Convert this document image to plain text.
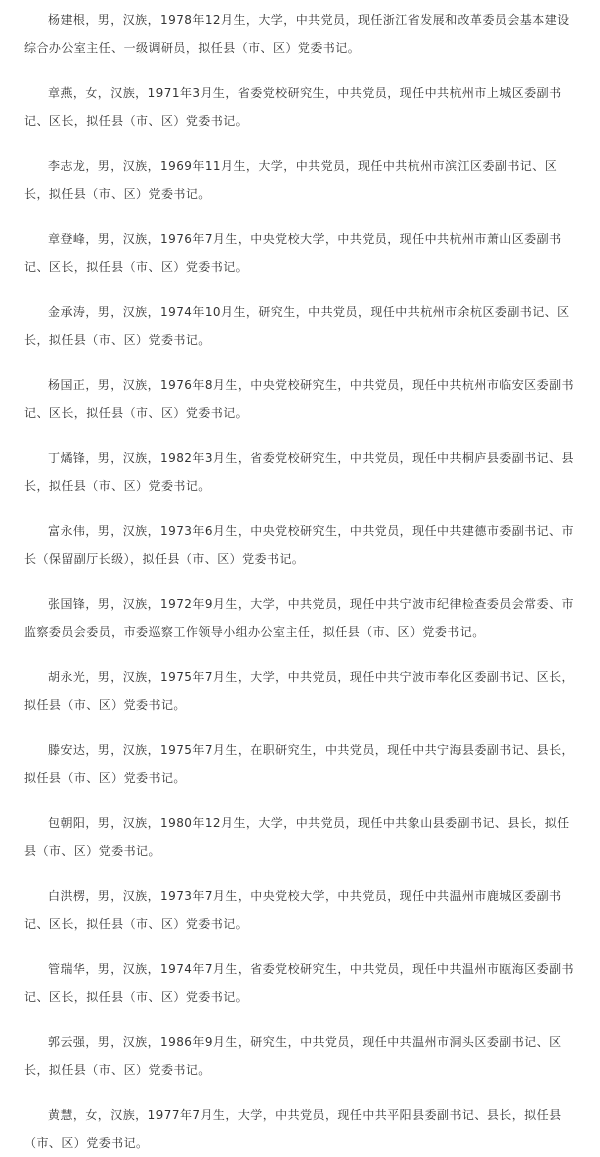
杨建根，男，汉族，1978年12月生，大学，中共党员，现任浙江省发展和改革委员会基本建设综合办公室主任、一级调研员，拟任县（市、区）党委书记。

章燕，女，汉族，1971年3月生，省委党校研究生，中共党员，现任中共杭州市上城区委副书记、区长，拟任县（市、区）党委书记。

李志龙，男，汉族，1969年11月生，大学，中共党员，现任中共杭州市滨江区委副书记、区长，拟任县（市、区）党委书记。

章登峰，男，汉族，1976年7月生，中央党校大学，中共党员，现任中共杭州市萧山区委副书记、区长，拟任县（市、区）党委书记。

金承涛，男，汉族，1974年10月生，研究生，中共党员，现任中共杭州市余杭区委副书记、区长，拟任县（市、区）党委书记。

杨国正，男，汉族，1976年8月生，中央党校研究生，中共党员，现任中共杭州市临安区委副书记、区长，拟任县（市、区）党委书记。

丁燏锋，男，汉族，1982年3月生，省委党校研究生，中共党员，现任中共桐庐县委副书记、县长，拟任县（市、区）党委书记。

富永伟，男，汉族，1973年6月生，中央党校研究生，中共党员，现任中共建德市委副书记、市长（保留副厅长级），拟任县（市、区）党委书记。

张国锋，男，汉族，1972年9月生，大学，中共党员，现任中共宁波市纪律检查委员会常委、市监察委员会委员，市委巡察工作领导小组办公室主任，拟任县（市、区）党委书记。

胡永光，男，汉族，1975年7月生，大学，中共党员，现任中共宁波市奉化区委副书记、区长，拟任县（市、区）党委书记。

滕安达，男，汉族，1975年7月生，在职研究生，中共党员，现任中共宁海县委副书记、县长，拟任县（市、区）党委书记。

包朝阳，男，汉族，1980年12月生，大学，中共党员，现任中共象山县委副书记、县长，拟任县（市、区）党委书记。

白洪楞，男，汉族，1973年7月生，中央党校大学，中共党员，现任中共温州市鹿城区委副书记、区长，拟任县（市、区）党委书记。

管瑞华，男，汉族，1974年7月生，省委党校研究生，中共党员，现任中共温州市瓯海区委副书记、区长，拟任县（市、区）党委书记。

郭云强，男，汉族，1986年9月生，研究生，中共党员，现任中共温州市洞头区委副书记、区长，拟任县（市、区）党委书记。

黄慧，女，汉族，1977年7月生，大学，中共党员，现任中共平阳县委副书记、县长，拟任县（市、区）党委书记。
